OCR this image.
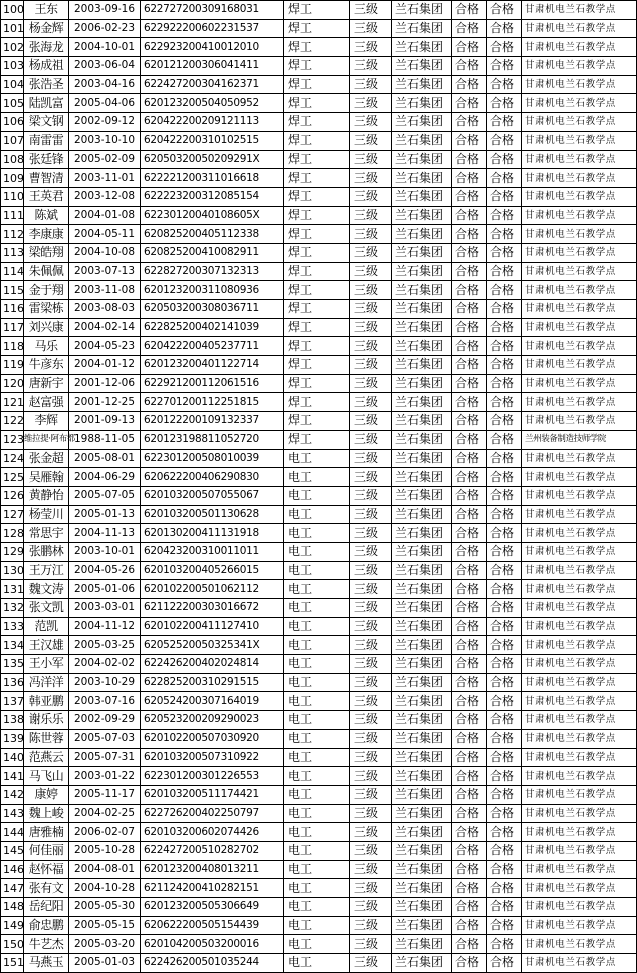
100	王东	2003-09-16	622727200309168031	焊工	三级	兰石集团	合格	合格	甘肃机电兰石教学点
101	杨金辉	2006-02-23	622922200602231537	焊工	三级	兰石集团	合格	合格	甘肃机电兰石教学点
102	张海龙	2004-10-01	622923200410012010	焊工	三级	兰石集团	合格	合格	甘肃机电兰石教学点
103	杨成祖	2003-06-04	620121200306041411	焊工	三级	兰石集团	合格	合格	甘肃机电兰石教学点
104	张浩圣	2003-04-16	622427200304162371	焊工	三级	兰石集团	合格	合格	甘肃机电兰石教学点
105	陆凯富	2005-04-06	620123200504050952	焊工	三级	兰石集团	合格	合格	甘肃机电兰石教学点
106	梁文钢	2002-09-12	620422200209121113	焊工	三级	兰石集团	合格	合格	甘肃机电兰石教学点
107	南雷雷	2003-10-10	620422200310102515	焊工	三级	兰石集团	合格	合格	甘肃机电兰石教学点
108	张廷锋	2005-02-09	62050320050209291X	焊工	三级	兰石集团	合格	合格	甘肃机电兰石教学点
109	曹智清	2003-11-01	622221200311016618	焊工	三级	兰石集团	合格	合格	甘肃机电兰石教学点
110	王英君	2003-12-08	622223200312085154	焊工	三级	兰石集团	合格	合格	甘肃机电兰石教学点
111	陈斌	2004-01-08	62230120040108605X	焊工	三级	兰石集团	合格	合格	甘肃机电兰石教学点
112	李康康	2004-05-11	620825200405112338	焊工	三级	兰石集团	合格	合格	甘肃机电兰石教学点
113	梁皓翔	2004-10-08	620825200410082911	焊工	三级	兰石集团	合格	合格	甘肃机电兰石教学点
114	朱佩佩	2003-07-13	622827200307132313	焊工	三级	兰石集团	合格	合格	甘肃机电兰石教学点
115	金于翔	2003-11-08	620123200311080936	焊工	三级	兰石集团	合格	合格	甘肃机电兰石教学点
116	雷梁栋	2003-08-03	620503200308036711	焊工	三级	兰石集团	合格	合格	甘肃机电兰石教学点
117	刘兴康	2004-02-14	622825200402141039	焊工	三级	兰石集团	合格	合格	甘肃机电兰石教学点
118	马乐	2004-05-23	620422200405237711	焊工	三级	兰石集团	合格	合格	甘肃机电兰石教学点
119	牛彦东	2004-01-12	620123200401122714	焊工	三级	兰石集团	合格	合格	甘肃机电兰石教学点
120	唐新宇	2001-12-06	622921200112061516	焊工	三级	兰石集团	合格	合格	甘肃机电兰石教学点
121	赵富强	2001-12-25	622701200112251815	焊工	三级	兰石集团	合格	合格	甘肃机电兰石教学点
122	李辉	2001-09-13	620122200109132337	焊工	三级	兰石集团	合格	合格	甘肃机电兰石教学点
123	维拉提·阿布都	1988-11-05	620123198811052720	焊工	三级	兰石集团	合格	合格	兰州装备制造技师学院
124	张金超	2005-08-01	622301200508010039	电工	三级	兰石集团	合格	合格	甘肃机电兰石教学点
125	吴雁翰	2004-06-29	620622200406290830	电工	三级	兰石集团	合格	合格	甘肃机电兰石教学点
126	黄静怡	2005-07-05	620103200507055067	电工	三级	兰石集团	合格	合格	甘肃机电兰石教学点
127	杨莹川	2005-01-13	620103200501130628	电工	三级	兰石集团	合格	合格	甘肃机电兰石教学点
128	常思宇	2004-11-13	620130200411131918	电工	三级	兰石集团	合格	合格	甘肃机电兰石教学点
129	张鹏林	2003-10-01	620423200310011011	电工	三级	兰石集团	合格	合格	甘肃机电兰石教学点
130	王万江	2004-05-26	620103200405266015	电工	三级	兰石集团	合格	合格	甘肃机电兰石教学点
131	魏文涛	2005-01-06	620102200501062112	电工	三级	兰石集团	合格	合格	甘肃机电兰石教学点
132	张文凯	2003-03-01	621122200303016672	电工	三级	兰石集团	合格	合格	甘肃机电兰石教学点
133	范凯	2004-11-12	620102200411127410	电工	三级	兰石集团	合格	合格	甘肃机电兰石教学点
134	王汉雄	2005-03-25	62052520050325341X	电工	三级	兰石集团	合格	合格	甘肃机电兰石教学点
135	王小军	2004-02-02	622426200402024814	电工	三级	兰石集团	合格	合格	甘肃机电兰石教学点
136	冯洋洋	2003-10-29	622825200310291515	电工	三级	兰石集团	合格	合格	甘肃机电兰石教学点
137	韩亚鹏	2003-07-16	620524200307164019	电工	三级	兰石集团	合格	合格	甘肃机电兰石教学点
138	谢乐乐	2002-09-29	620523200209290023	电工	三级	兰石集团	合格	合格	甘肃机电兰石教学点
139	陈世蓉	2005-07-03	620102200507030920	电工	三级	兰石集团	合格	合格	甘肃机电兰石教学点
140	范燕云	2005-07-31	620103200507310922	电工	三级	兰石集团	合格	合格	甘肃机电兰石教学点
141	马飞山	2003-01-22	622301200301226553	电工	三级	兰石集团	合格	合格	甘肃机电兰石教学点
142	康婷	2005-11-17	620103200511174421	电工	三级	兰石集团	合格	合格	甘肃机电兰石教学点
143	魏上峻	2004-02-25	622726200402250797	电工	三级	兰石集团	合格	合格	甘肃机电兰石教学点
144	唐雅楠	2006-02-07	620103200602074426	电工	三级	兰石集团	合格	合格	甘肃机电兰石教学点
145	何佳丽	2005-10-28	622427200510282702	电工	三级	兰石集团	合格	合格	甘肃机电兰石教学点
146	赵怀福	2004-08-01	620123200408013211	电工	三级	兰石集团	合格	合格	甘肃机电兰石教学点
147	张有文	2004-10-28	621124200410282151	电工	三级	兰石集团	合格	合格	甘肃机电兰石教学点
148	岳纪阳	2005-05-30	620123200505306649	电工	三级	兰石集团	合格	合格	甘肃机电兰石教学点
149	俞忠鹏	2005-05-15	620622200505154439	电工	三级	兰石集团	合格	合格	甘肃机电兰石教学点
150	牛艺杰	2005-03-20	620104200503200016	电工	三级	兰石集团	合格	合格	甘肃机电兰石教学点
151	马燕玉	2005-01-03	622426200501035244	电工	三级	兰石集团	合格	合格	甘肃机电兰石教学点
